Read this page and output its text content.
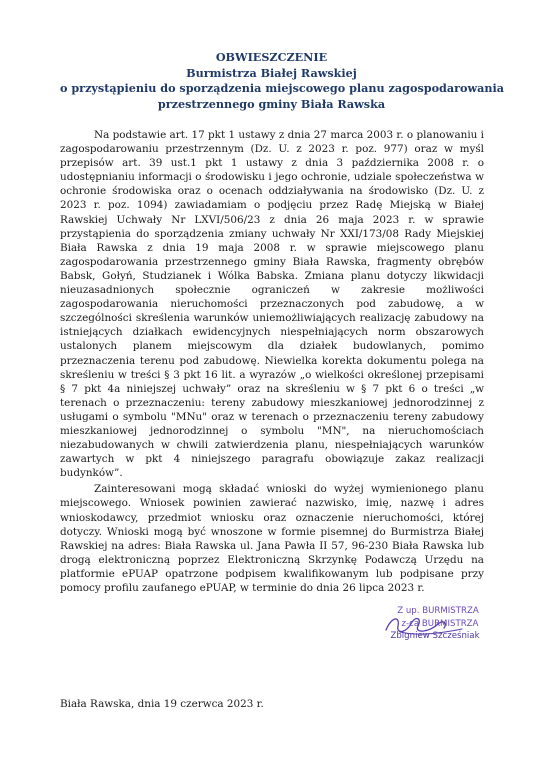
OBWIESZCZENIE
Burmistrza Białej Rawskiej
o przystąpieniu do sporządzenia miejscowego planu zagospodarowania
przestrzennego gminy Biała Rawska

Na podstawie art. 17 pkt 1 ustawy z dnia 27 marca 2003 r. o planowaniu i zagospodarowaniu przestrzennym (Dz. U. z 2023 r. poz. 977) oraz w myśl przepisów art. 39 ust.1 pkt 1 ustawy z dnia 3 października 2008 r. o udostępnianiu informacji o środowisku i jego ochronie, udziale społeczeństwa w ochronie środowiska oraz o ocenach oddziaływania na środowisko (Dz. U. z 2023 r. poz. 1094) zawiadamiam o podjęciu przez Radę Miejską w Białej Rawskiej Uchwały Nr LXVI/506/23 z dnia 26 maja 2023 r. w sprawie przystąpienia do sporządzenia zmiany uchwały Nr XXI/173/08 Rady Miejskiej Biała Rawska z dnia 19 maja 2008 r. w sprawie miejscowego planu zagospodarowania przestrzennego gminy Biała Rawska, fragmenty obrębów Babsk, Gołyń, Studzianek i Wólka Babska. Zmiana planu dotyczy likwidacji nieuzasadnionych społecznie ograniczeń w zakresie możliwości zagospodarowania nieruchomości przeznaczonych pod zabudowę, a w szczególności skreślenia warunków uniemożliwiających realizację zabudowy na istniejących działkach ewidencyjnych niespełniających norm obszarowych ustalonych planem miejscowym dla działek budowlanych, pomimo przeznaczenia terenu pod zabudowę. Niewielka korekta dokumentu polega na skreśleniu w treści § 3 pkt 16 lit. a wyrazów „o wielkości określonej przepisami § 7 pkt 4a niniejszej uchwały” oraz na skreśleniu w § 7 pkt 6 o treści „w terenach o przeznaczeniu: tereny zabudowy mieszkaniowej jednorodzinnej z usługami o symbolu "MNu" oraz w terenach o przeznaczeniu tereny zabudowy mieszkaniowej jednorodzinnej o symbolu "MN", na nieruchomościach niezabudowanych w chwili zatwierdzenia planu, niespełniających warunków zawartych w pkt 4 niniejszego paragrafu obowiązuje zakaz realizacji budynków”.

Zainteresowani mogą składać wnioski do wyżej wymienionego planu miejscowego. Wniosek powinien zawierać nazwisko, imię, nazwę i adres wnioskodawcy, przedmiot wniosku oraz oznaczenie nieruchomości, której dotyczy. Wnioski mogą być wnoszone w formie pisemnej do Burmistrza Białej Rawskiej na adres: Biała Rawska ul. Jana Pawła II 57, 96-230 Biała Rawska lub drogą elektroniczną poprzez Elektroniczną Skrzynkę Podawczą Urzędu na platformie ePUAP opatrzone podpisem kwalifikowanym lub podpisane przy pomocy profilu zaufanego ePUAP, w terminie do dnia 26 lipca 2023 r.

Z up. BURMISTRZA
z-ca BURMISTRZA
Zbigniew Szcześniak
Biała Rawska, dnia 19 czerwca 2023 r.
